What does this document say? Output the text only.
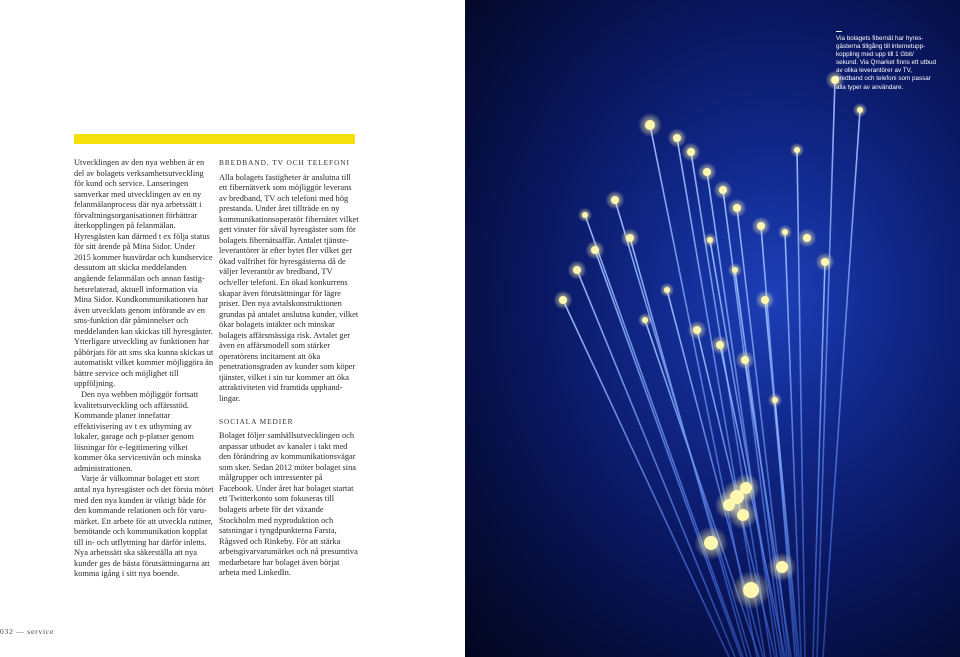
Utvecklingen av den nya webben är en del av bolagets verksamhetsutveckling för kund och service. Lanseringen samverkar med utvecklingen av en ny felanmälanprocess där nya arbetssätt i förvaltningsorganisationen förbättrar återkopplingen på felanmälan. Hyresgästen kan därmed t ex följa status för sitt ärende på Mina Sidor. Under 2015 kommer husvärdar och kundservice dessutom att skicka meddelanden angående felanmälan och annan fastighetsrelaterad, aktuell information via Mina Sidor. Kundkommunikationen har även utvecklats genom införande av en sms-funktion där påminnelser och meddelanden kan skickas till hyresgäster. Ytterligare utveckling av funktionen har påbörjats för att sms ska kunna skickas ut automatiskt vilket kommer möjliggöra än bättre service och möjlighet till uppföljning.

Den nya webben möjliggör fortsatt kvalitetsutveckling och affärsstöd. Kommande planer innefattar effektivisering av t ex uthyrning av lokaler, garage och p-platser genom lösningar för e-legitimering vilket kommer öka servicenivån och minska administrationen.

Varje år välkomnar bolaget ett stort antal nya hyresgäster och det första mötet med den nya kunden är viktigt både för den kommande relationen och för varumärket. Ett arbete för att utveckla rutiner, bemötande och kommunikation kopplat till in- och utflyttning har därför inletts. Nya arbetssätt ska säkerställa att nya kunder ges de bästa förutsättningarna att komma igång i sitt nya boende.

BREDBAND, TV OCH TELEFONI

Alla bolagets fastigheter är anslutna till ett fibernätverk som möjliggör leverans av bredband, TV och telefoni med hög prestanda. Under året tillträde en ny kommunikationsoperatör fibernätet vilket gett vinster för såväl hyresgäster som för bolagets fibernätsaffär. Antalet tjänsteleverantörer är efter bytet fler vilket ger ökad valfrihet för hyresgästerna då de väljer leverantör av bredband, TV och/eller telefoni. En ökad konkurrens skapar även förutsättningar för lägre priser. Den nya avtalskonstruktionen grundas på antalet anslutna kunder, vilket ökar bolagets intäkter och minskar bolagets affärsmässiga risk. Avtalet ger även en affärsmodell som stärker operatörens incitament att öka penetrationsgraden av kunder som köper tjänster, vilket i sin tur kommer att öka attraktiviteten vid framtida upphandlingar.

SOCIALA MEDIER

Bolaget följer samhällsutvecklingen och anpassar utbudet av kanaler i takt med den förändring av kommunikationsvägar som sker. Sedan 2012 möter bolaget sina målgrupper och intressenter på Facebook. Under året har bolaget startat ett Twitterkonto som fokuseras till bolagets arbete för det växande Stockholm med nyproduktion och satsningar i tyngdpunkterna Farsta, Rågsved och Rinkeby. För att stärka arbetsgivarvarumärket och nå presumtiva medarbetare har bolaget även börjat arbeta med LinkedIn.

032 — service
Via bolagets fibernät har hyresgästerna tillgång till internetuppkoppling med upp till 1 Gbit/ sekund. Via Qmarket finns ett utbud av olika leverantörer av TV, bredband och telefoni som passar alla typer av användare.
